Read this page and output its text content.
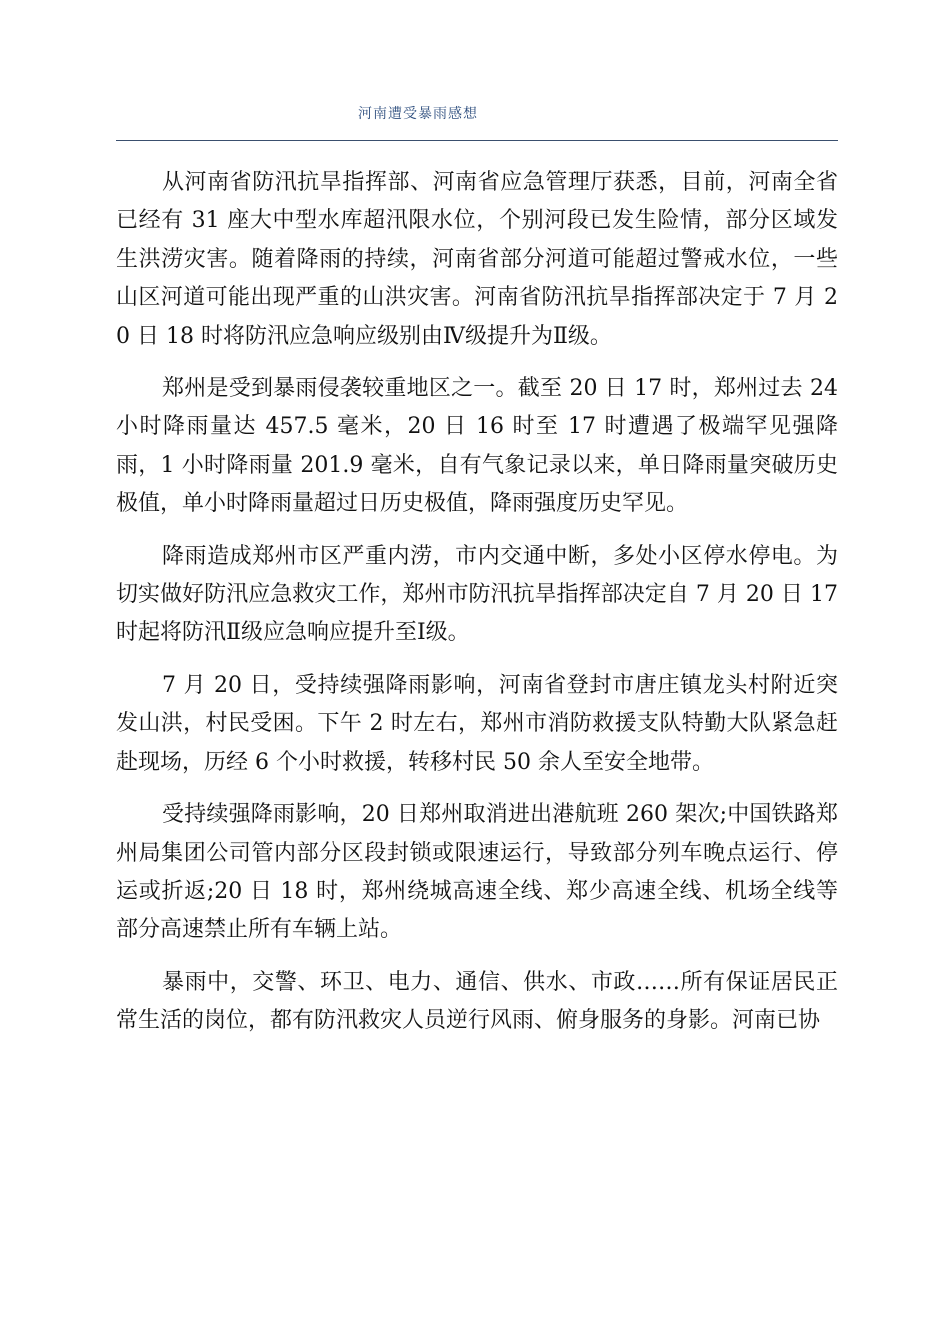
河南遭受暴雨感想

从河南省防汛抗旱指挥部、河南省应急管理厅获悉，目前，河南全省已经有 31 座大中型水库超汛限水位，个别河段已发生险情，部分区域发生洪涝灾害。随着降雨的持续，河南省部分河道可能超过警戒水位，一些山区河道可能出现严重的山洪灾害。河南省防汛抗旱指挥部决定于 7 月 20 日 18 时将防汛应急响应级别由Ⅳ级提升为Ⅱ级。

郑州是受到暴雨侵袭较重地区之一。截至 20 日 17 时，郑州过去 24 小时降雨量达 457.5 毫米，20 日 16 时至 17 时遭遇了极端罕见强降雨，1 小时降雨量 201.9 毫米，自有气象记录以来，单日降雨量突破历史极值，单小时降雨量超过日历史极值，降雨强度历史罕见。

降雨造成郑州市区严重内涝，市内交通中断，多处小区停水停电。为切实做好防汛应急救灾工作，郑州市防汛抗旱指挥部决定自 7 月 20 日 17 时起将防汛Ⅱ级应急响应提升至Ⅰ级。

7 月 20 日，受持续强降雨影响，河南省登封市唐庄镇龙头村附近突发山洪，村民受困。下午 2 时左右，郑州市消防救援支队特勤大队紧急赶赴现场，历经 6 个小时救援，转移村民 50 余人至安全地带。

受持续强降雨影响，20 日郑州取消进出港航班 260 架次;中国铁路郑州局集团公司管内部分区段封锁或限速运行，导致部分列车晚点运行、停运或折返;20 日 18 时，郑州绕城高速全线、郑少高速全线、机场全线等部分高速禁止所有车辆上站。

暴雨中，交警、环卫、电力、通信、供水、市政……所有保证居民正常生活的岗位，都有防汛救灾人员逆行风雨、俯身服务的身影。河南已协
